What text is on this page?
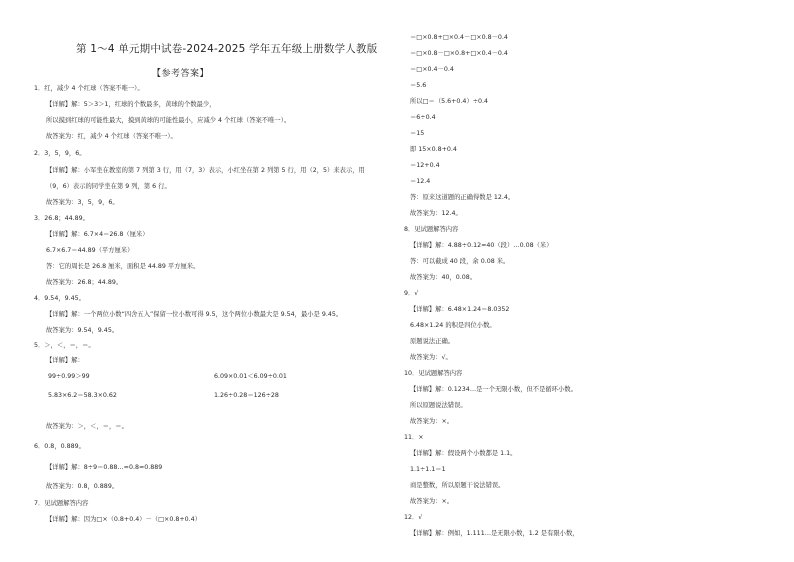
第 1～4 单元期中试卷-2024-2025 学年五年级上册数学人教版
【参考答案】
1．红，减少 4 个红球（答案不唯一）。
【详解】解：5＞3＞1，红球的个数最多，黄球的个数最少，
所以摸到红球的可能性最大，摸到黄球的可能性最小，应减少 4 个红球（答案不唯一）。
故答案为：红，减少 4 个红球（答案不唯一）。
2．3，5，9，6。
【详解】解：小军坐在教室的第 7 列第 3 行，用（7，3）表示，小红坐在第 2 列第 5 行，用（2，5）来表示，用
（9，6）表示的同学坐在第 9 列，第 6 行。
故答案为：3，5，9，6。
3．26.8；44.89。
【详解】解：6.7×4＝26.8（厘米）
6.7×6.7＝44.89（平方厘米）
答：它的周长是 26.8 厘米，面积是 44.89 平方厘米。
故答案为：26.8；44.89。
4．9.54，9.45。
【详解】解：一个两位小数“四舍五入”保留一位小数可得 9.5，这个两位小数最大是 9.54，最小是 9.45。
故答案为：9.54，9.45。
5．＞，＜，＝，＝。
【详解】解：
99÷0.99＞99	6.09×0.01＜6.09÷0.01
5.83×6.2＝58.3×0.62	1.26÷0.28＝126÷28
故答案为：＞，＜，＝，＝。
6．0.8，0.889。
【详解】解：8÷9＝0.88…≈0.8≈0.889
故答案为：0.8，0.889。
7．见试题解答内容
【详解】解：因为□×（0.8+0.4）－（□×0.8+0.4）
＝□×0.8+□×0.4－□×0.8－0.4
＝□×0.8－□×0.8+□×0.4－0.4
＝□×0.4－0.4
＝5.6
所以□＝（5.6+0.4）÷0.4
＝6÷0.4
＝15
即 15×0.8+0.4
＝12+0.4
＝12.4
答：原来这道题的正确得数是 12.4。
故答案为：12.4。
8．见试题解答内容
【详解】解：4.88÷0.12≈40（段）…0.08（米）
答：可以截成 40 段，余 0.08 米。
故答案为：40，0.08。
9．√
【详解】解：6.48×1.24＝8.0352
6.48×1.24 的积是四位小数。
原题说法正确。
故答案为：√。
10．见试题解答内容
【详解】解：0.1234…是一个无限小数，但不是循环小数。
所以原题说法错误。
故答案为：×。
11．×
【详解】解：假设两个小数都是 1.1。
1.1÷1.1＝1
商是整数，所以原题干说法错误。
故答案为：×。
12．√
【详解】解：例如，1.111…是无限小数，1.2 是有限小数，
